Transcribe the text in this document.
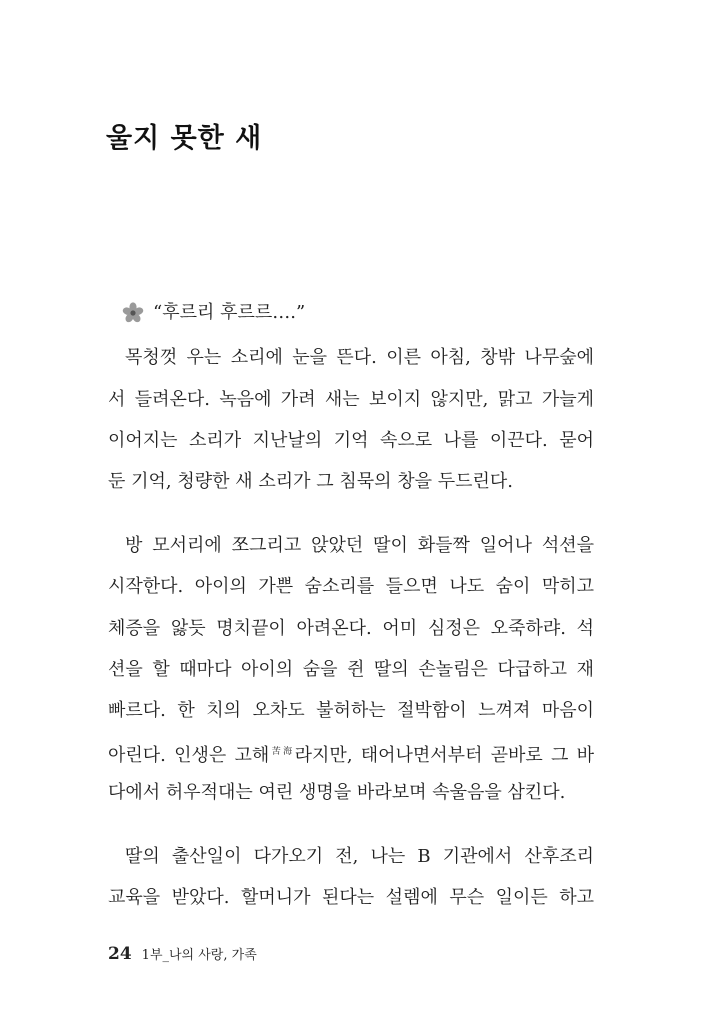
울지 못한 새
“후르리 후르르….”
목청껏 우는 소리에 눈을 뜬다. 이른 아침, 창밖 나무숲에
서 들려온다. 녹음에 가려 새는 보이지 않지만, 맑고 가늘게
이어지는 소리가 지난날의 기억 속으로 나를 이끈다. 묻어
둔 기억, 청량한 새 소리가 그 침묵의 창을 두드린다.
방 모서리에 쪼그리고 앉았던 딸이 화들짝 일어나 석션을
시작한다. 아이의 가쁜 숨소리를 들으면 나도 숨이 막히고
체증을 앓듯 명치끝이 아려온다. 어미 심정은 오죽하랴. 석
션을 할 때마다 아이의 숨을 쥔 딸의 손놀림은 다급하고 재
빠르다. 한 치의 오차도 불허하는 절박함이 느껴져 마음이
아린다. 인생은 고해$^{苦海}$라지만, 태어나면서부터 곧바로 그 바
다에서 허우적대는 여린 생명을 바라보며 속울음을 삼킨다.
딸의 출산일이 다가오기 전, 나는 B 기관에서 산후조리
교육을 받았다. 할머니가 된다는 설렘에 무슨 일이든 하고
24 1부_나의 사랑, 가족
